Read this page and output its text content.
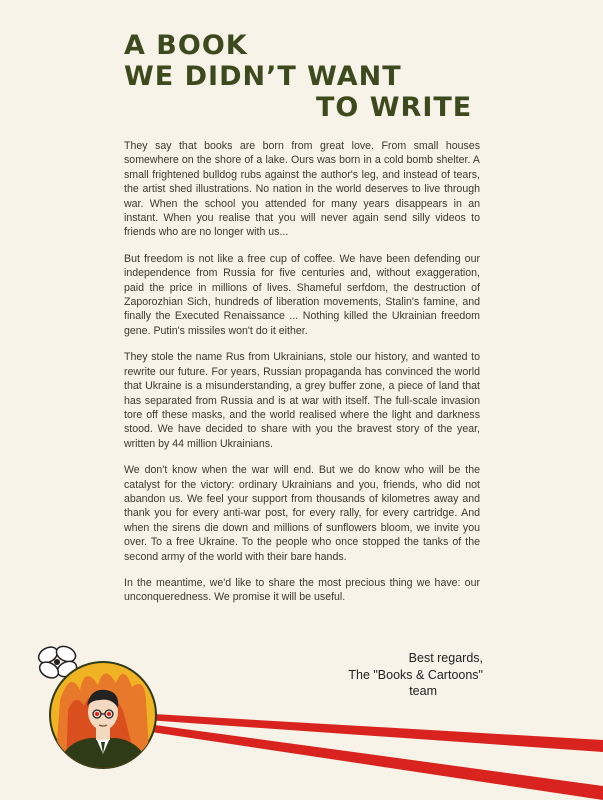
A BOOK
WE DIDN’T WANT
TO WRITE

They say that books are born from great love. From small houses somewhere on the shore of a lake. Ours was born in a cold bomb shelter. A small frightened bulldog rubs against the author's leg, and instead of tears, the artist shed illustrations. No nation in the world deserves to live through war. When the school you attended for many years disappears in an instant. When you realise that you will never again send silly videos to friends who are no longer with us...

But freedom is not like a free cup of coffee. We have been defending our independence from Russia for five centuries and, without exaggeration, paid the price in millions of lives. Shameful serfdom, the destruction of Zaporozhian Sich, hundreds of liberation movements, Stalin's famine, and finally the Executed Renaissance ... Nothing killed the Ukrainian freedom gene. Putin's missiles won't do it either.

They stole the name Rus from Ukrainians, stole our history, and wanted to rewrite our future. For years, Russian propaganda has convinced the world that Ukraine is a misunderstanding, a grey buffer zone, a piece of land that has separated from Russia and is at war with itself. The full-scale invasion tore off these masks, and the world realised where the light and darkness stood. We have decided to share with you the bravest story of the year, written by 44 million Ukrainians.

We don't know when the war will end. But we do know who will be the catalyst for the victory: ordinary Ukrainians and you, friends, who did not abandon us. We feel your support from thousands of kilometres away and thank you for every anti-war post, for every rally, for every cartridge. And when the sirens die down and millions of sunflowers bloom, we invite you over. To a free Ukraine. To the people who once stopped the tanks of the second army of the world with their bare hands.

In the meantime, we'd like to share the most precious thing we have: our unconqueredness. We promise it will be useful.

Best regards,
The "Books & Cartoons"
team
